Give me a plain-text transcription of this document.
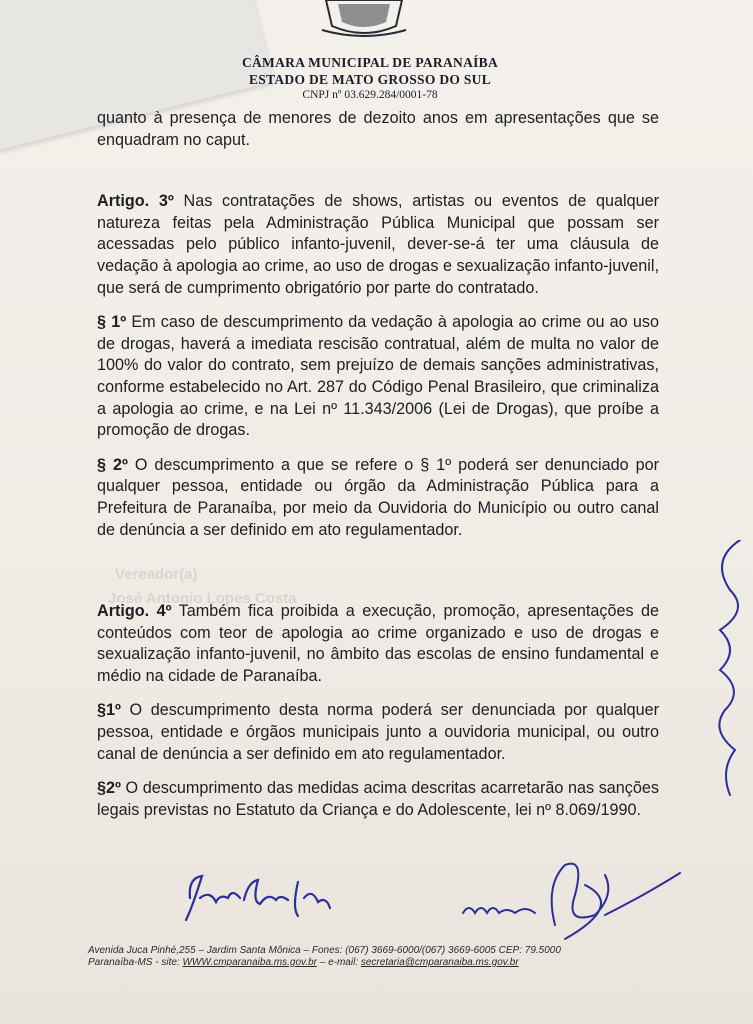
CÂMARA MUNICIPAL DE PARANAÍBA
ESTADO DE MATO GROSSO DO SUL
CNPJ nº 03.629.284/0001-78
Vereador(a)
José Antonio Lopes Costa

quanto à presença de menores de dezoito anos em apresentações que se enquadram no caput.

Artigo. 3º Nas contratações de shows, artistas ou eventos de qualquer natureza feitas pela Administração Pública Municipal que possam ser acessadas pelo público infanto-juvenil, dever-se-á ter uma cláusula de vedação à apologia ao crime, ao uso de drogas e sexualização infanto-juvenil, que será de cumprimento obrigatório por parte do contratado.

§ 1º Em caso de descumprimento da vedação à apologia ao crime ou ao uso de drogas, haverá a imediata rescisão contratual, além de multa no valor de 100% do valor do contrato, sem prejuízo de demais sanções administrativas, conforme estabelecido no Art. 287 do Código Penal Brasileiro, que criminaliza a apologia ao crime, e na Lei nº 11.343/2006 (Lei de Drogas), que proíbe a promoção de drogas.

§ 2º O descumprimento a que se refere o § 1º poderá ser denunciado por qualquer pessoa, entidade ou órgão da Administração Pública para a Prefeitura de Paranaíba, por meio da Ouvidoria do Município ou outro canal de denúncia a ser definido em ato regulamentador.

Artigo. 4º Também fica proibida a execução, promoção, apresentações de conteúdos com teor de apologia ao crime organizado e uso de drogas e sexualização infanto-juvenil, no âmbito das escolas de ensino fundamental e médio na cidade de Paranaíba.

§1º O descumprimento desta norma poderá ser denunciada por qualquer pessoa, entidade e órgãos municipais junto a ouvidoria municipal, ou outro canal de denúncia a ser definido em ato regulamentador.

§2º O descumprimento das medidas acima descritas acarretarão nas sanções legais previstas no Estatuto da Criança e do Adolescente, lei nº 8.069/1990.

Avenida Juca Pinhé,255 – Jardim Santa Mônica – Fones: (067) 3669-6000/(067) 3669-6005 CEP: 79.5000
Paranaíba-MS - site: WWW.cmparanaiba.ms.gov.br – e-mail: secretaria@cmparanaiba.ms.gov.br
